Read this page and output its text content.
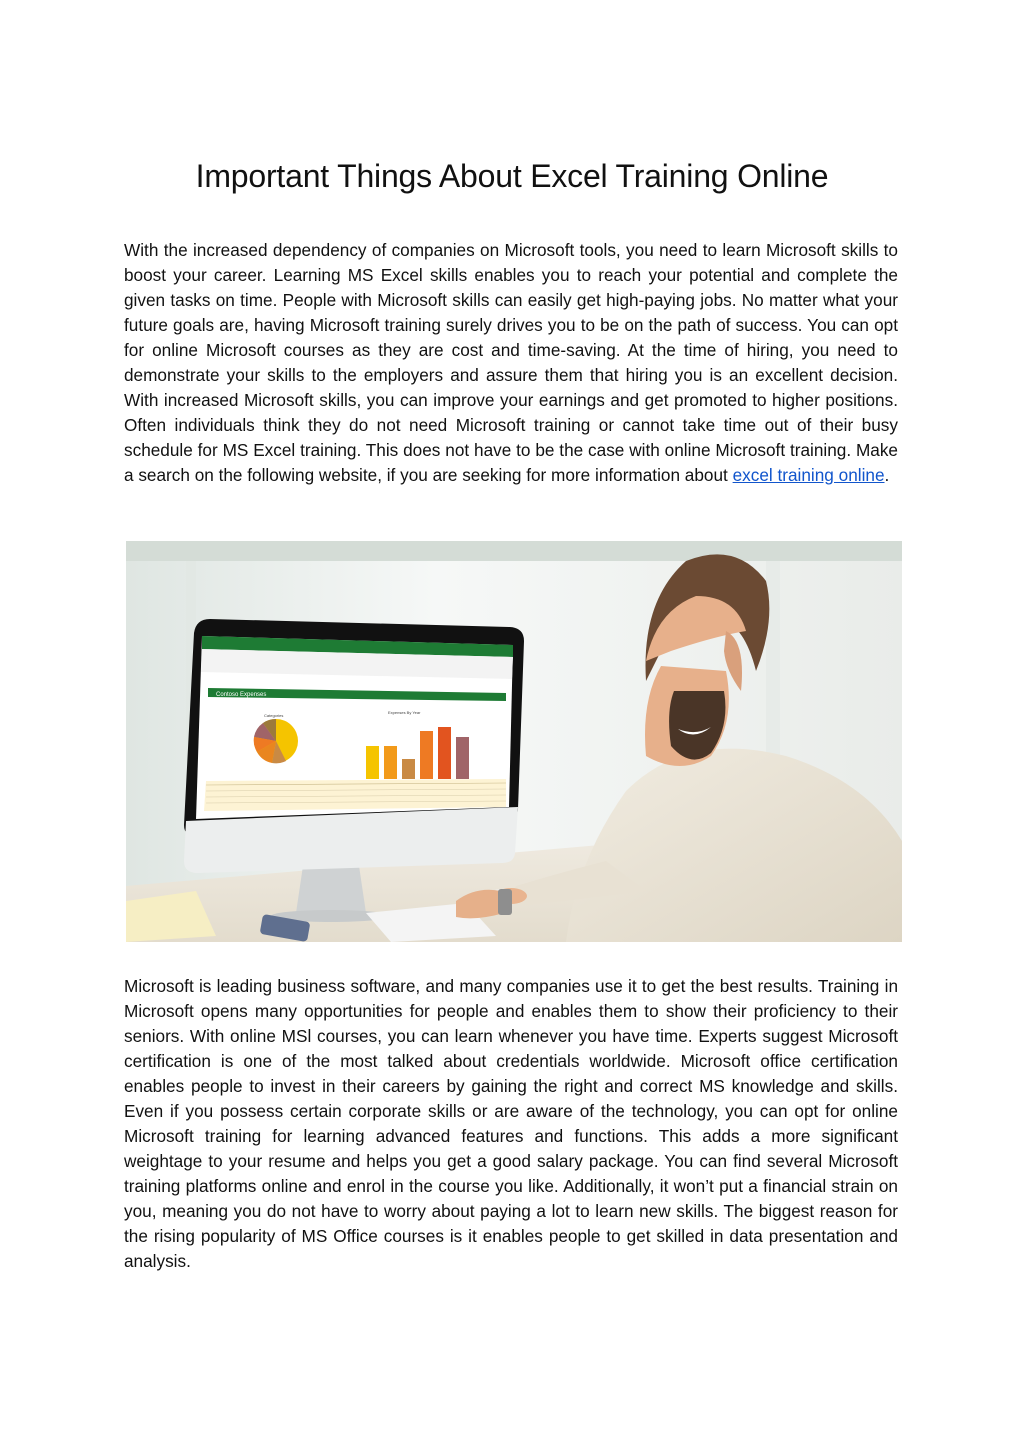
Important Things About Excel Training Online

With the increased dependency of companies on Microsoft tools, you need to learn Microsoft skills to boost your career. Learning MS Excel skills enables you to reach your potential and complete the given tasks on time. People with Microsoft skills can easily get high-paying jobs. No matter what your future goals are, having Microsoft training surely drives you to be on the path of success. You can opt for online Microsoft courses as they are cost and time-saving. At the time of hiring, you need to demonstrate your skills to the employers and assure them that hiring you is an excellent decision. With increased Microsoft skills, you can improve your earnings and get promoted to higher positions. Often individuals think they do not need Microsoft training or cannot take time out of their busy schedule for MS Excel training. This does not have to be the case with online Microsoft training. Make a search on the following website, if you are seeking for more information about excel training online.

Contoso Expenses
Categories
Expenses By Year

Microsoft is leading business software, and many companies use it to get the best results. Training in Microsoft opens many opportunities for people and enables them to show their proficiency to their seniors. With online MSl courses, you can learn whenever you have time. Experts suggest Microsoft certification is one of the most talked about credentials worldwide. Microsoft office certification enables people to invest in their careers by gaining the right and correct MS knowledge and skills. Even if you possess certain corporate skills or are aware of the technology, you can opt for online Microsoft training for learning advanced features and functions. This adds a more significant weightage to your resume and helps you get a good salary package. You can find several Microsoft training platforms online and enrol in the course you like. Additionally, it won’t put a financial strain on you, meaning you do not have to worry about paying a lot to learn new skills. The biggest reason for the rising popularity of MS Office courses is it enables people to get skilled in data presentation and analysis.
